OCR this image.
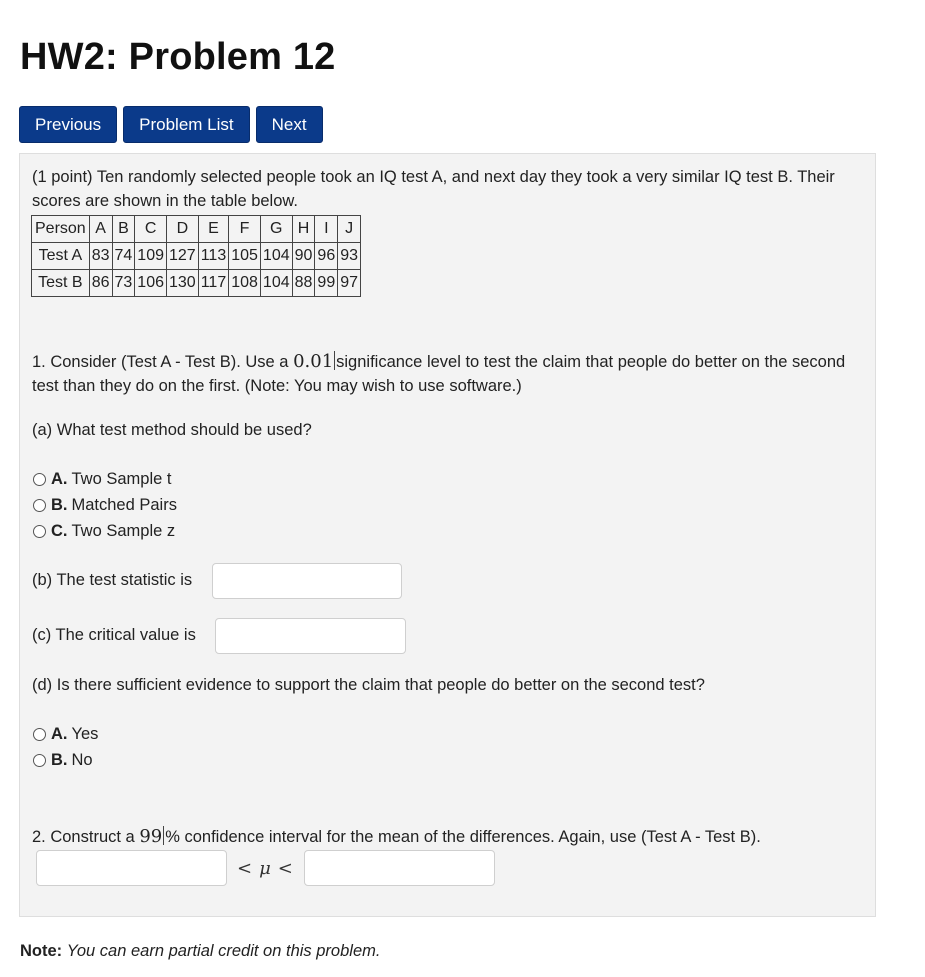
HW2: Problem 12
Previous	Problem List	Next

(1 point) Ten randomly selected people took an IQ test A, and next day they took a very similar IQ test B. Their scores are shown in the table below.

Person	A	B	C	D	E	F	G	H	I	J
Test A	83	74	109	127	113	105	104	90	96	93
Test B	86	73	106	130	117	108	104	88	99	97

1. Consider (Test A - Test B). Use a 0.01 significance level to test the claim that people do better on the second test than they do on the first. (Note: You may wish to use software.)

(a) What test method should be used?

A. Two Sample t
B. Matched Pairs
C. Two Sample z

(b) The test statistic is

(c) The critical value is

(d) Is there sufficient evidence to support the claim that people do better on the second test?

A. Yes
B. No

2. Construct a 99 % confidence interval for the mean of the differences. Again, use (Test A - Test B).

< μ <

Note: You can earn partial credit on this problem.
